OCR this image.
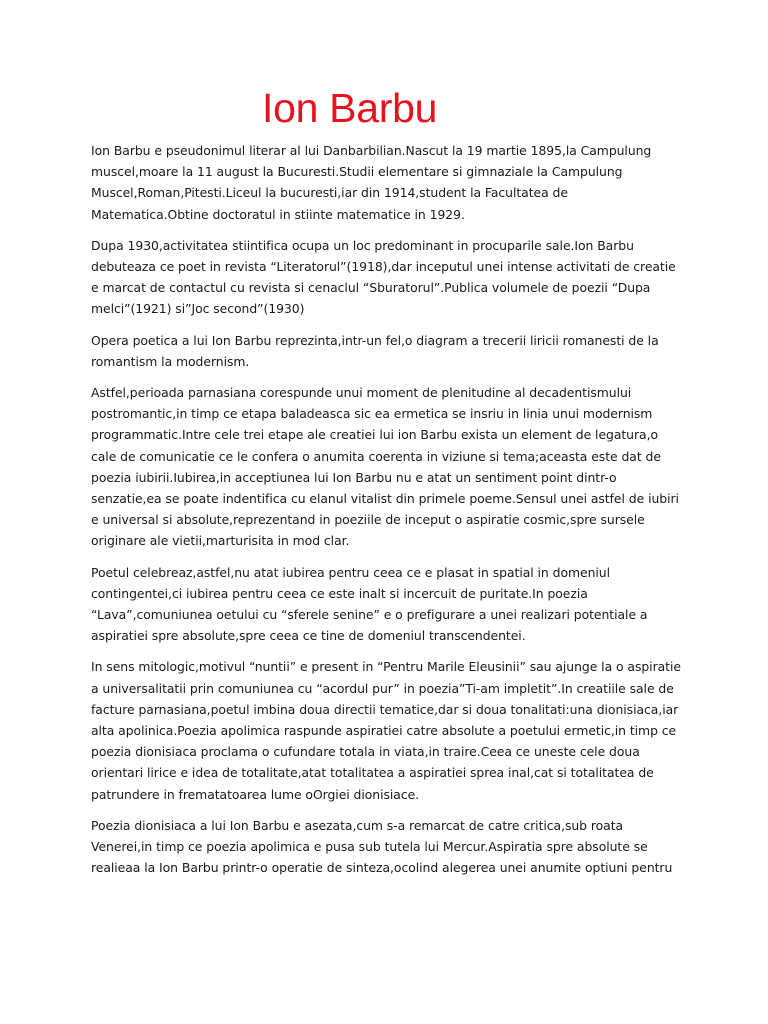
Ion Barbu

Ion Barbu e pseudonimul literar al lui Danbarbilian.Nascut la 19 martie 1895,la Campulung
muscel,moare la 11 august la Bucuresti.Studii elementare si gimnaziale la Campulung
Muscel,Roman,Pitesti.Liceul la bucuresti,iar din 1914,student la Facultatea de
Matematica.Obtine doctoratul in stiinte matematice in 1929.

Dupa 1930,activitatea stiintifica ocupa un loc predominant in procuparile sale.Ion Barbu
debuteaza ce poet in revista “Literatorul”(1918),dar inceputul unei intense activitati de creatie
e marcat de contactul cu revista si cenaclul “Sburatorul”.Publica volumele de poezii “Dupa
melci”(1921) si”Joc second”(1930)

Opera poetica a lui Ion Barbu reprezinta,intr-un fel,o diagram a trecerii liricii romanesti de la
romantism la modernism.

Astfel,perioada parnasiana corespunde unui moment de plenitudine al decadentismului
postromantic,in timp ce etapa baladeasca sic ea ermetica se insriu in linia unui modernism
programmatic.Intre cele trei etape ale creatiei lui ion Barbu exista un element de legatura,o
cale de comunicatie ce le confera o anumita coerenta in viziune si tema;aceasta este dat de
poezia iubirii.Iubirea,in acceptiunea lui Ion Barbu nu e atat un sentiment point dintr-o
senzatie,ea se poate indentifica cu elanul vitalist din primele poeme.Sensul unei astfel de iubiri
e universal si absolute,reprezentand in poeziile de inceput o aspiratie cosmic,spre sursele
originare ale vietii,marturisita in mod clar.

Poetul celebreaz,astfel,nu atat iubirea pentru ceea ce e plasat in spatial in domeniul
contingentei,ci iubirea pentru ceea ce este inalt si incercuit de puritate.In poezia
“Lava”,comuniunea oetului cu “sferele senine” e o prefigurare a unei realizari potentiale a
aspiratiei spre absolute,spre ceea ce tine de domeniul transcendentei.

In sens mitologic,motivul “nuntii” e present in “Pentru Marile Eleusinii” sau ajunge la o aspiratie
a universalitatii prin comuniunea cu “acordul pur” in poezia”Ti-am impletit”.In creatiile sale de
facture parnasiana,poetul imbina doua directii tematice,dar si doua tonalitati:una dionisiaca,iar
alta apolinica.Poezia apolimica raspunde aspiratiei catre absolute a poetului ermetic,in timp ce
poezia dionisiaca proclama o cufundare totala in viata,in traire.Ceea ce uneste cele doua
orientari lirice e idea de totalitate,atat totalitatea a aspiratiei sprea inal,cat si totalitatea de
patrundere in frematatoarea lume oOrgiei dionisiace.

Poezia dionisiaca a lui Ion Barbu e asezata,cum s-a remarcat de catre critica,sub roata
Venerei,in timp ce poezia apolimica e pusa sub tutela lui Mercur.Aspiratia spre absolute se
realieaa la Ion Barbu printr-o operatie de sinteza,ocolind alegerea unei anumite optiuni pentru
